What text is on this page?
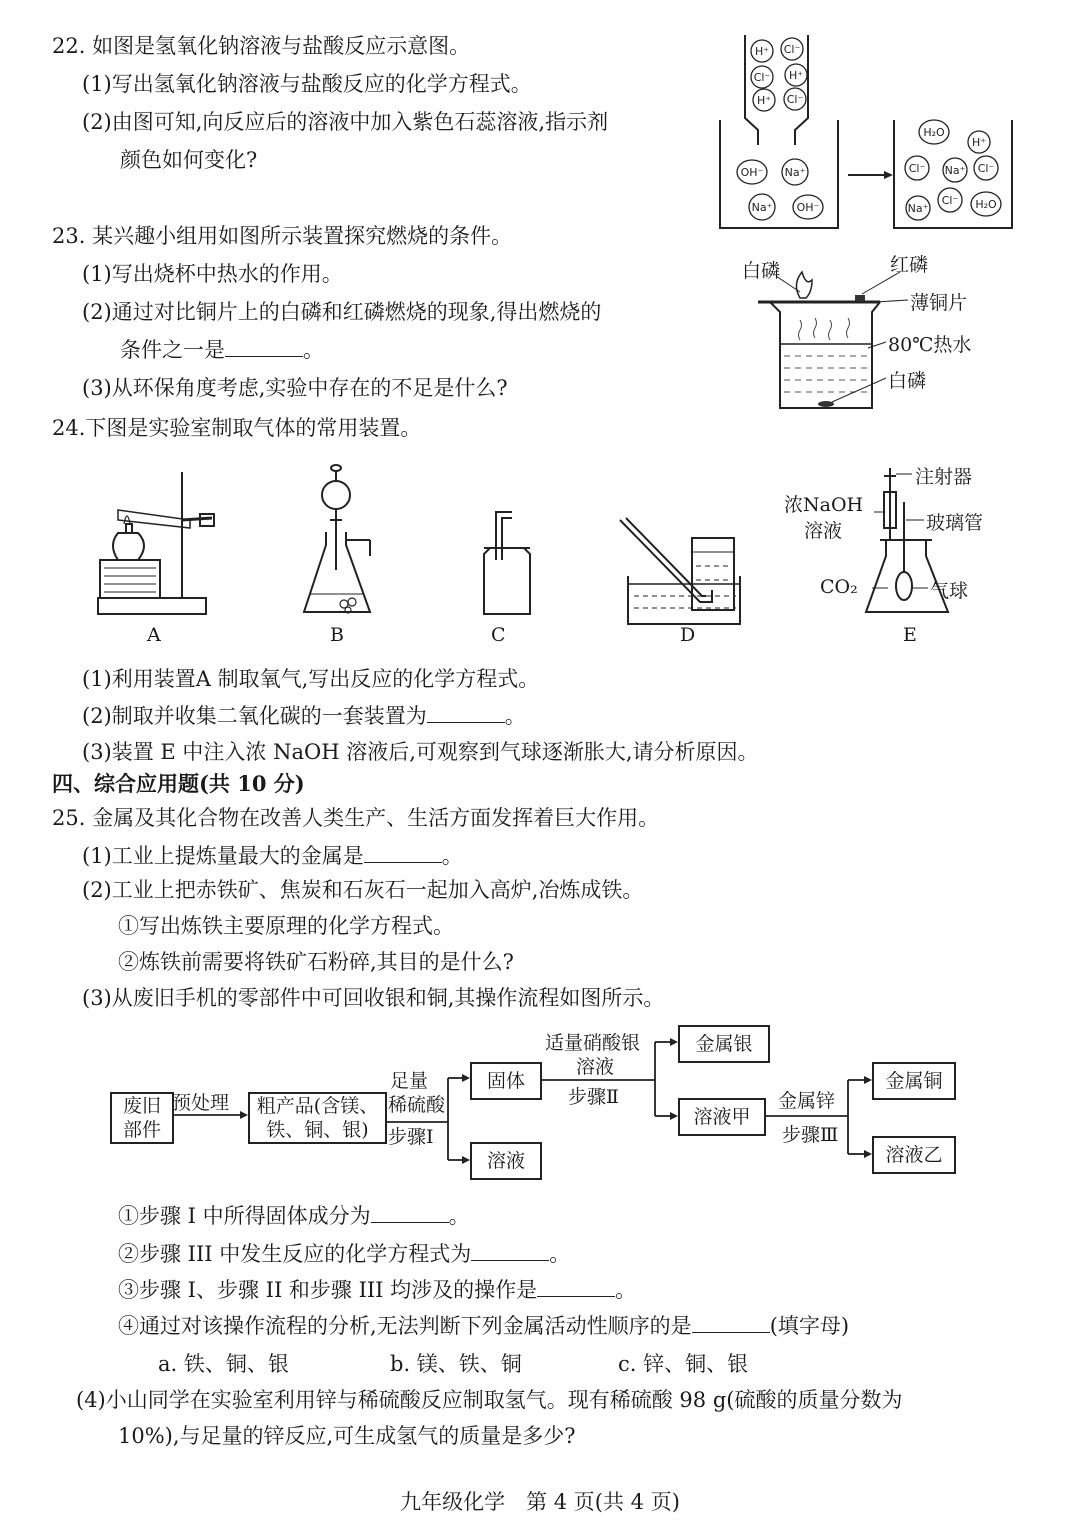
22. 如图是氢氧化钠溶液与盐酸反应示意图。
(1)写出氢氧化钠溶液与盐酸反应的化学方程式。
(2)由图可知,向反应后的溶液中加入紫色石蕊溶液,指示剂
颜色如何变化?
H⁺ Cl⁻
Cl⁻ H⁺
H⁺ Cl⁻
OH⁻ Na⁺
Na⁺ OH⁻
H₂O
H⁺
Cl⁻ Na⁺ Cl⁻
Na⁺
Cl⁻ H₂O
23. 某兴趣小组用如图所示装置探究燃烧的条件。
(1)写出烧杯中热水的作用。
(2)通过对比铜片上的白磷和红磷燃烧的现象,得出燃烧的
条件之一是	。
(3)从环保角度考虑,实验中存在的不足是什么?
白磷	红磷
薄铜片
80℃热水
白磷
24.下图是实验室制取气体的常用装置。
A	B	C	D	E
注射器
浓NaOH
溶液	玻璃管
CO₂	气球
(1)利用装置A 制取氧气,写出反应的化学方程式。
(2)制取并收集二氧化碳的一套装置为	。
(3)装置 E 中注入浓 NaOH 溶液后,可观察到气球逐渐胀大,请分析原因。
四、综合应用题(共 10 分)
25. 金属及其化合物在改善人类生产、生活方面发挥着巨大作用。
(1)工业上提炼量最大的金属是	。
(2)工业上把赤铁矿、焦炭和石灰石一起加入高炉,冶炼成铁。
①写出炼铁主要原理的化学方程式。
②炼铁前需要将铁矿石粉碎,其目的是什么?
(3)从废旧手机的零部件中可回收银和铜,其操作流程如图所示。
废旧
部件
预处理	粗产品(含镁、
铁、铜、银)
足量
稀硫酸
步骤Ⅰ
固体
溶液
适量硝酸银
溶液
步骤Ⅱ
金属银
溶液甲
金属锌
步骤Ⅲ
金属铜
溶液乙
①步骤 I 中所得固体成分为	。
②步骤 III 中发生反应的化学方程式为	。
③步骤 I、步骤 II 和步骤 III 均涉及的操作是	。
④通过对该操作流程的分析,无法判断下列金属活动性顺序的是	(填字母)
a. 铁、铜、银	b. 镁、铁、铜	c. 锌、铜、银
(4)小山同学在实验室利用锌与稀硫酸反应制取氢气。现有稀硫酸 98 g(硫酸的质量分数为
10%),与足量的锌反应,可生成氢气的质量是多少?
九年级化学　第 4 页(共 4 页)
